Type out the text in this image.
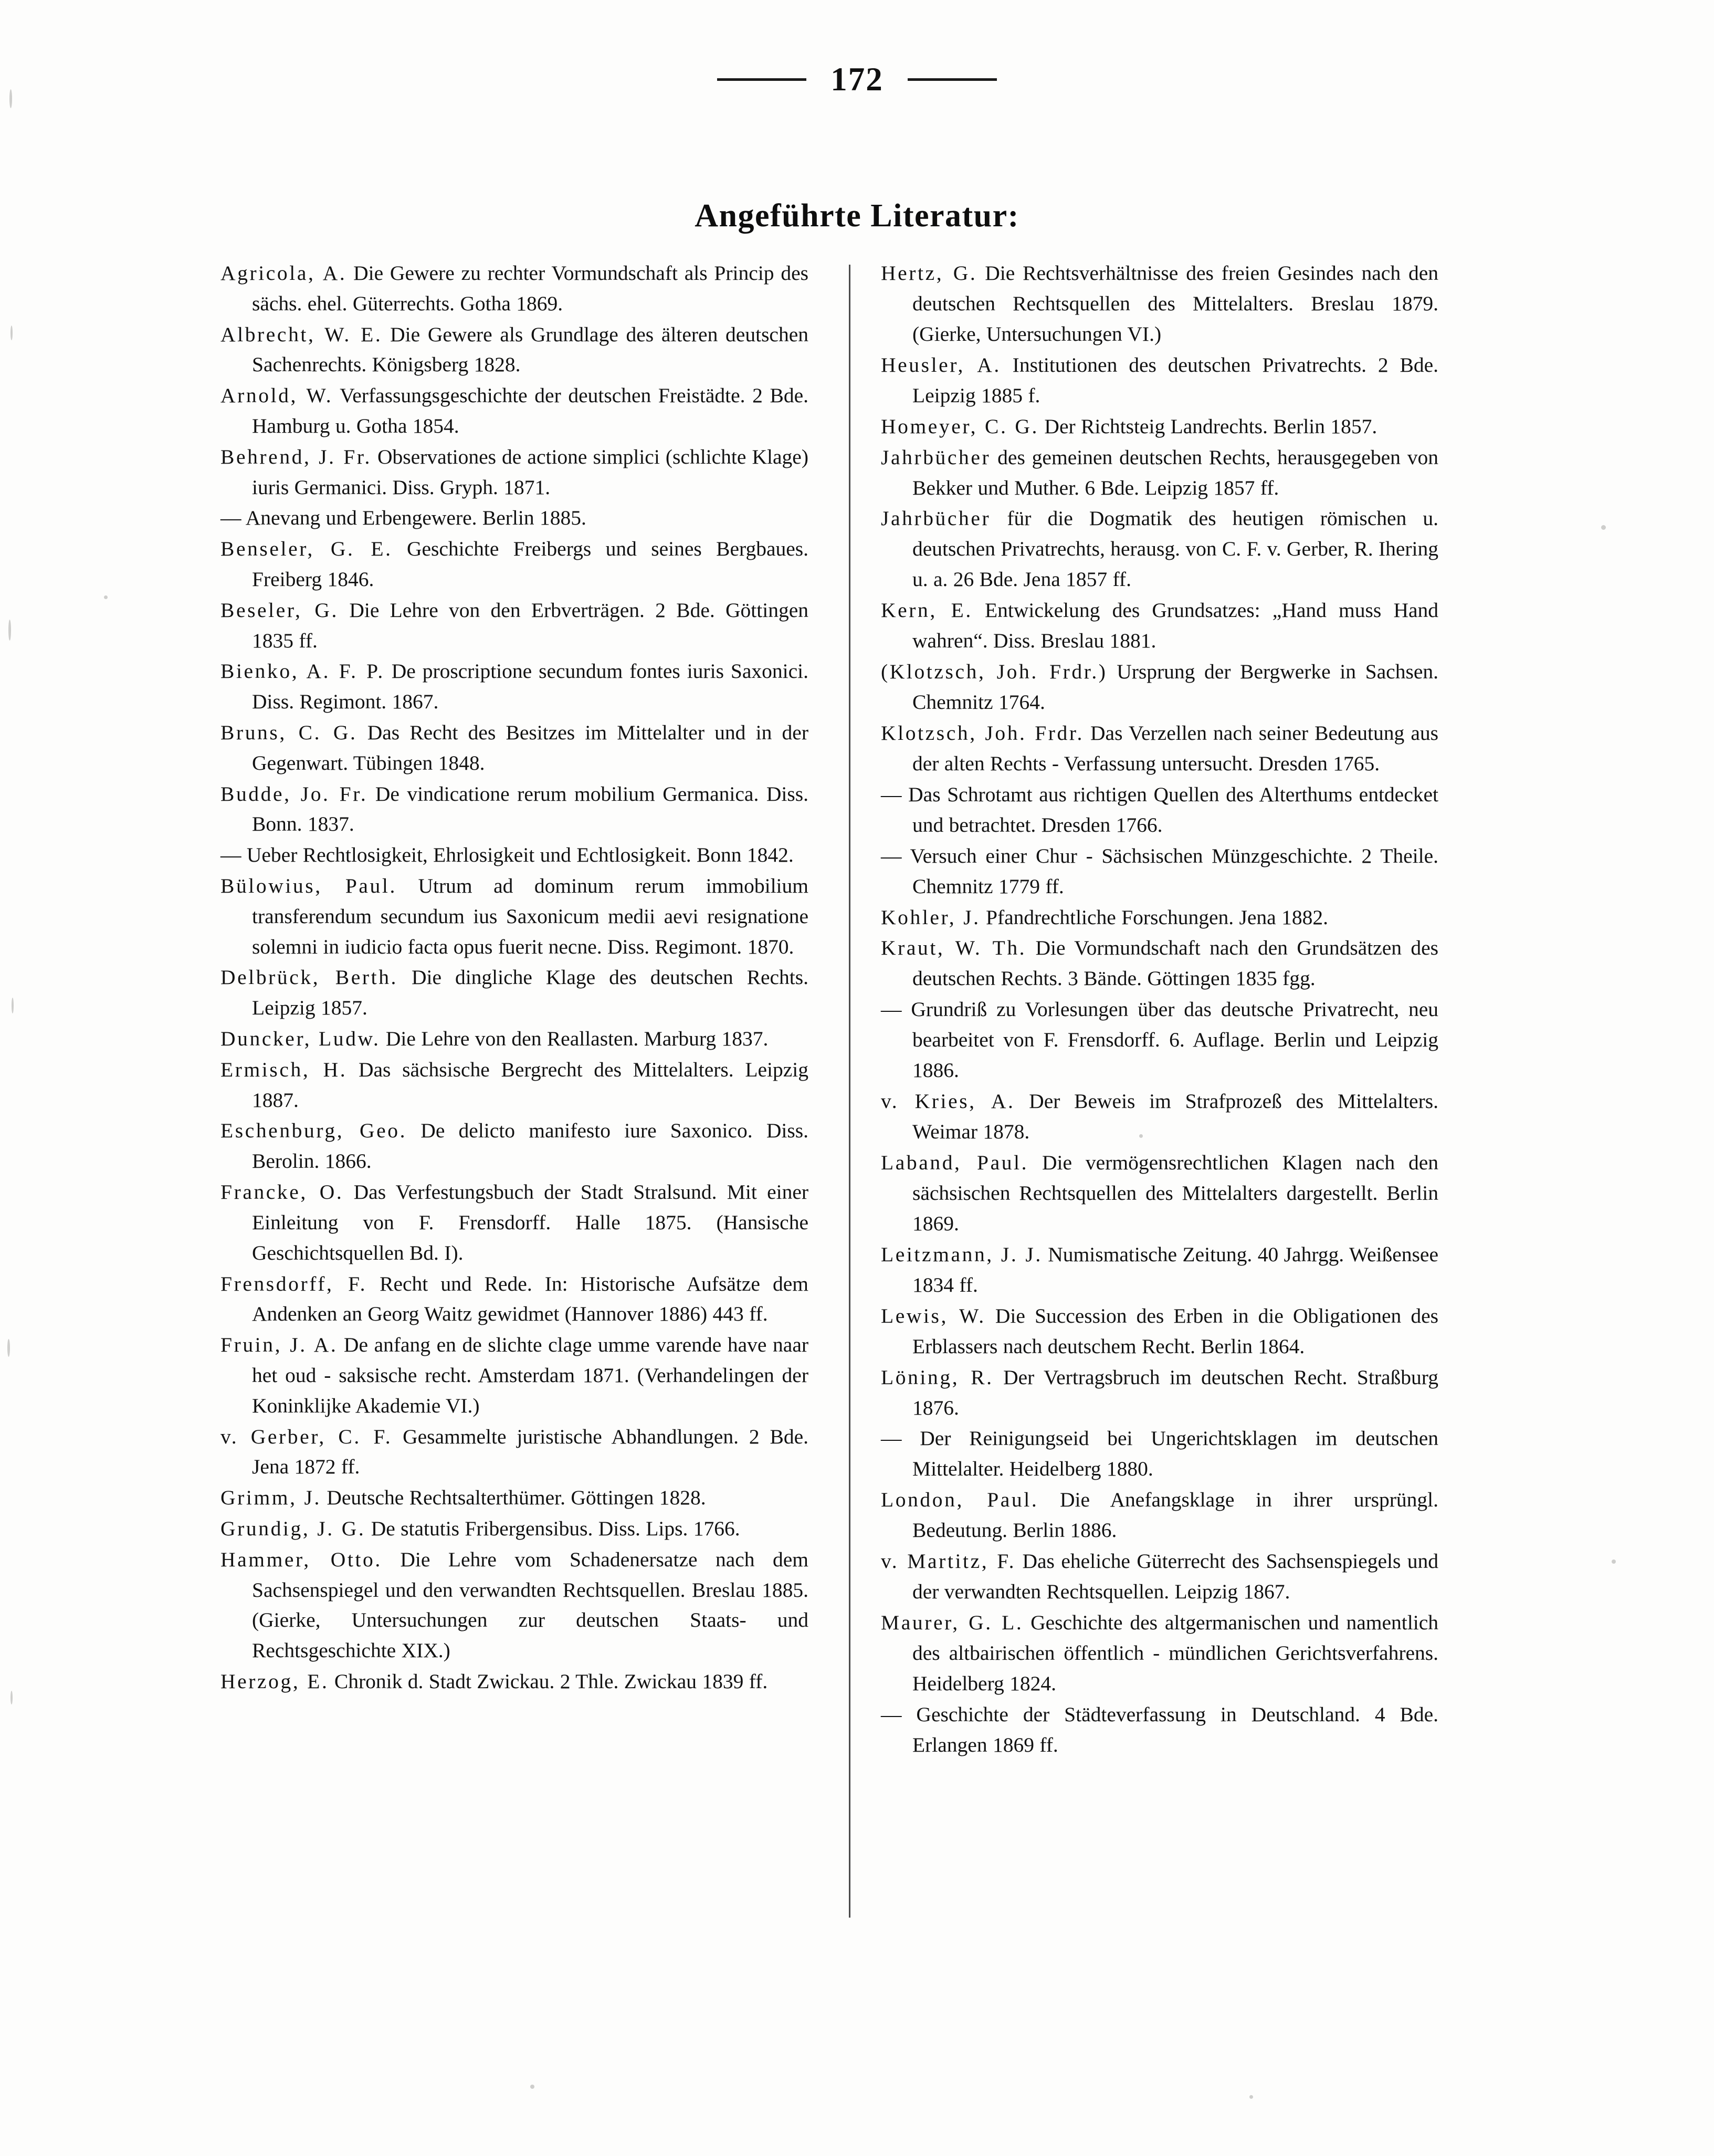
172
Angeführte Literatur:

Agricola, A. Die Gewere zu rechter Vormundschaft als Princip des sächs. ehel. Güterrechts. Gotha 1869.

Albrecht, W. E. Die Gewere als Grundlage des älteren deutschen Sachenrechts. Königsberg 1828.

Arnold, W. Verfassungsgeschichte der deutschen Freistädte. 2 Bde. Hamburg u. Gotha 1854.

Behrend, J. Fr. Observationes de actione simplici (schlichte Klage) iuris Germanici. Diss. Gryph. 1871.

— Anevang und Erbengewere. Berlin 1885.

Benseler, G. E. Geschichte Freibergs und seines Bergbaues. Freiberg 1846.

Beseler, G. Die Lehre von den Erbverträgen. 2 Bde. Göttingen 1835 ff.

Bienko, A. F. P. De proscriptione secundum fontes iuris Saxonici. Diss. Regimont. 1867.

Bruns, C. G. Das Recht des Besitzes im Mittelalter und in der Gegenwart. Tübingen 1848.

Budde, Jo. Fr. De vindicatione rerum mobilium Germanica. Diss. Bonn. 1837.

— Ueber Rechtlosigkeit, Ehrlosigkeit und Echtlosigkeit. Bonn 1842.

Bülowius, Paul. Utrum ad dominum rerum immobilium transferendum secundum ius Saxonicum medii aevi resignatione solemni in iudicio facta opus fuerit necne. Diss. Regimont. 1870.

Delbrück, Berth. Die dingliche Klage des deutschen Rechts. Leipzig 1857.

Duncker, Ludw. Die Lehre von den Reallasten. Marburg 1837.

Ermisch, H. Das sächsische Bergrecht des Mittelalters. Leipzig 1887.

Eschenburg, Geo. De delicto manifesto iure Saxonico. Diss. Berolin. 1866.

Francke, O. Das Verfestungsbuch der Stadt Stralsund. Mit einer Einleitung von F. Frensdorff. Halle 1875. (Hansische Geschichtsquellen Bd. I).

Frensdorff, F. Recht und Rede. In: Historische Aufsätze dem Andenken an Georg Waitz gewidmet (Hannover 1886) 443 ff.

Fruin, J. A. De anfang en de slichte clage umme varende have naar het oud - saksische recht. Amsterdam 1871. (Verhandelingen der Koninklijke Akademie VI.)

v. Gerber, C. F. Gesammelte juristische Abhandlungen. 2 Bde. Jena 1872 ff.

Grimm, J. Deutsche Rechtsalterthümer. Göttingen 1828.

Grundig, J. G. De statutis Fribergensibus. Diss. Lips. 1766.

Hammer, Otto. Die Lehre vom Schadenersatze nach dem Sachsenspiegel und den verwandten Rechtsquellen. Breslau 1885. (Gierke, Untersuchungen zur deutschen Staats- und Rechtsgeschichte XIX.)

Herzog, E. Chronik d. Stadt Zwickau. 2 Thle. Zwickau 1839 ff.

Hertz, G. Die Rechtsverhältnisse des freien Gesindes nach den deutschen Rechtsquellen des Mittelalters. Breslau 1879. (Gierke, Untersuchungen VI.)

Heusler, A. Institutionen des deutschen Privatrechts. 2 Bde. Leipzig 1885 f.

Homeyer, C. G. Der Richtsteig Landrechts. Berlin 1857.

Jahrbücher des gemeinen deutschen Rechts, herausgegeben von Bekker und Muther. 6 Bde. Leipzig 1857 ff.

Jahrbücher für die Dogmatik des heutigen römischen u. deutschen Privatrechts, herausg. von C. F. v. Gerber, R. Ihering u. a. 26 Bde. Jena 1857 ff.

Kern, E. Entwickelung des Grundsatzes: „Hand muss Hand wahren“. Diss. Breslau 1881.

(Klotzsch, Joh. Frdr.) Ursprung der Bergwerke in Sachsen. Chemnitz 1764.

Klotzsch, Joh. Frdr. Das Verzellen nach seiner Bedeutung aus der alten Rechts - Verfassung untersucht. Dresden 1765.

— Das Schrotamt aus richtigen Quellen des Alterthums entdecket und betrachtet. Dresden 1766.

— Versuch einer Chur - Sächsischen Münzgeschichte. 2 Theile. Chemnitz 1779 ff.

Kohler, J. Pfandrechtliche Forschungen. Jena 1882.

Kraut, W. Th. Die Vormundschaft nach den Grundsätzen des deutschen Rechts. 3 Bände. Göttingen 1835 fgg.

— Grundriß zu Vorlesungen über das deutsche Privatrecht, neu bearbeitet von F. Frensdorff. 6. Auflage. Berlin und Leipzig 1886.

v. Kries, A. Der Beweis im Strafprozeß des Mittelalters. Weimar 1878.

Laband, Paul. Die vermögensrechtlichen Klagen nach den sächsischen Rechtsquellen des Mittelalters dargestellt. Berlin 1869.

Leitzmann, J. J. Numismatische Zeitung. 40 Jahrgg. Weißensee 1834 ff.

Lewis, W. Die Succession des Erben in die Obligationen des Erblassers nach deutschem Recht. Berlin 1864.

Löning, R. Der Vertragsbruch im deutschen Recht. Straßburg 1876.

— Der Reinigungseid bei Ungerichtsklagen im deutschen Mittelalter. Heidelberg 1880.

London, Paul. Die Anefangsklage in ihrer ursprüngl. Bedeutung. Berlin 1886.

v. Martitz, F. Das eheliche Güterrecht des Sachsenspiegels und der verwandten Rechtsquellen. Leipzig 1867.

Maurer, G. L. Geschichte des altgermanischen und namentlich des altbairischen öffentlich - mündlichen Gerichtsverfahrens. Heidelberg 1824.

— Geschichte der Städteverfassung in Deutschland. 4 Bde. Erlangen 1869 ff.
